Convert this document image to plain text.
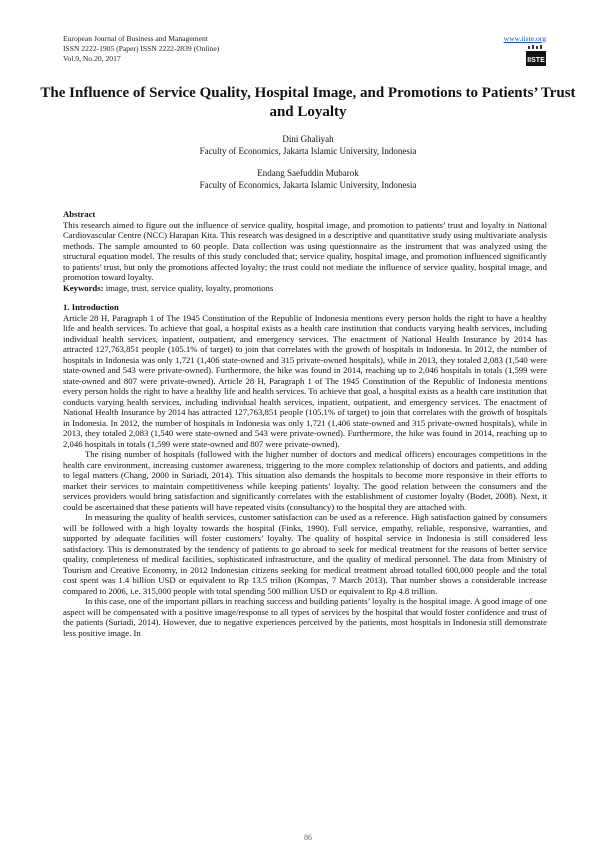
European Journal of Business and Management
ISSN 2222-1905 (Paper) ISSN 2222-2839 (Online)
Vol.9, No.20, 2017
www.iiste.org
IISTE
The Influence of Service Quality, Hospital Image, and Promotions to Patients’ Trust and Loyalty
Dini Ghaliyah
Faculty of Economics, Jakarta Islamic University, Indonesia
Endang Saefuddin Mubarok
Faculty of Economics, Jakarta Islamic University, Indonesia
Abstract

This research aimed to figure out the influence of service quality, hospital image, and promotion to patients’ trust and loyalty in National Cardiovascular Centre (NCC) Harapan Kita. This research was designed in a descriptive and quantitative study using multivariate analysis methods. The sample amounted to 60 people. Data collection was using questionnaire as the instrument that was analyzed using the structural equation model. The results of this study concluded that; service quality, hospital image, and promotion influenced significantly to patients’ trust, but only the promotions affected loyalty; the trust could not mediate the influence of service quality, hospital image, and promotion toward loyalty.

Keywords: image, trust, service quality, loyalty, promotions

1. Introduction

Article 28 H, Paragraph 1 of The 1945 Constitution of the Republic of Indonesia mentions every person holds the right to have a healthy life and health services. To achieve that goal, a hospital exists as a health care institution that conducts varying health services, including individual health services, inpatient, outpatient, and emergency services. The enactment of National Health Insurance by 2014 has attracted 127,763,851 people (105.1% of target) to join that correlates with the growth of hospitals in Indonesia. In 2012, the number of hospitals in Indonesia was only 1,721 (1,406 state-owned and 315 private-owned hospitals), while in 2013, they totaled 2,083 (1,540 were state-owned and 543 were private-owned). Furthermore, the hike was found in 2014, reaching up to 2,046 hospitals in totals (1,599 were state-owned and 807 were private-owned). Article 28 H, Paragraph 1 of The 1945 Constitution of the Republic of Indonesia mentions every person holds the right to have a healthy life and health services. To achieve that goal, a hospital exists as a health care institution that conducts varying health services, including individual health services, inpatient, outpatient, and emergency services. The enactment of National Health Insurance by 2014 has attracted 127,763,851 people (105.1% of target) to join that correlates with the growth of hospitals in Indonesia. In 2012, the number of hospitals in Indonesia was only 1,721 (1,406 state-owned and 315 private-owned hospitals), while in 2013, they totaled 2,083 (1,540 were state-owned and 543 were private-owned). Furthermore, the hike was found in 2014, reaching up to 2,046 hospitals in totals (1,599 were state-owned and 807 were private-owned).

The rising number of hospitals (followed with the higher number of doctors and medical officers) encourages competitions in the health care environment, increasing customer awareness, triggering to the more complex relationship of doctors and patients, and adding to legal matters (Chang, 2000 in Suriadi, 2014). This situation also demands the hospitals to become more responsive in their efforts to market their services to maintain competitiveness while keeping patients’ loyalty. The good relation between the consumers and the services providers would bring satisfaction and significantly correlates with the establishment of customer loyalty (Bodet, 2008). Next, it could be ascertained that these patients will have repeated visits (consultancy) to the hospital they are attached with.

In measuring the quality of health services, customer satisfaction can be used as a reference. High satisfaction gained by consumers will be followed with a high loyalty towards the hospital (Finks, 1990). Full service, empathy, reliable, responsive, warranties, and supported by adequate facilities will foster customers’ loyalty. The quality of hospital service in Indonesia is still considered less satisfactory. This is demonstrated by the tendency of patients to go abroad to seek for medical treatment for the reasons of better service quality, completeness of medical facilities, sophisticated infrastructure, and the quality of medical personnel. The data from Ministry of Tourism and Creative Economy, in 2012 Indonesian citizens seeking for medical treatment abroad totalled 600,000 people and the total cost spent was 1.4 billion USD or equivalent to Rp 13.5 trilion (Kompas, 7 March 2013). That number shows a considerable increase compared to 2006, i.e. 315,000 people with total spending 500 million USD or equivalent to Rp 4.8 trillion.

In this case, one of the important pillars in reaching success and building patients’ loyalty is the hospital image. A good image of one aspect will be compensated with a positive image/response to all types of services by the hospital that would foster confidence and trust of the patients (Suriadi, 2014). However, due to negative experiences perceived by the patients, most hospitals in Indonesia still demonstrate less positive image. In

86
